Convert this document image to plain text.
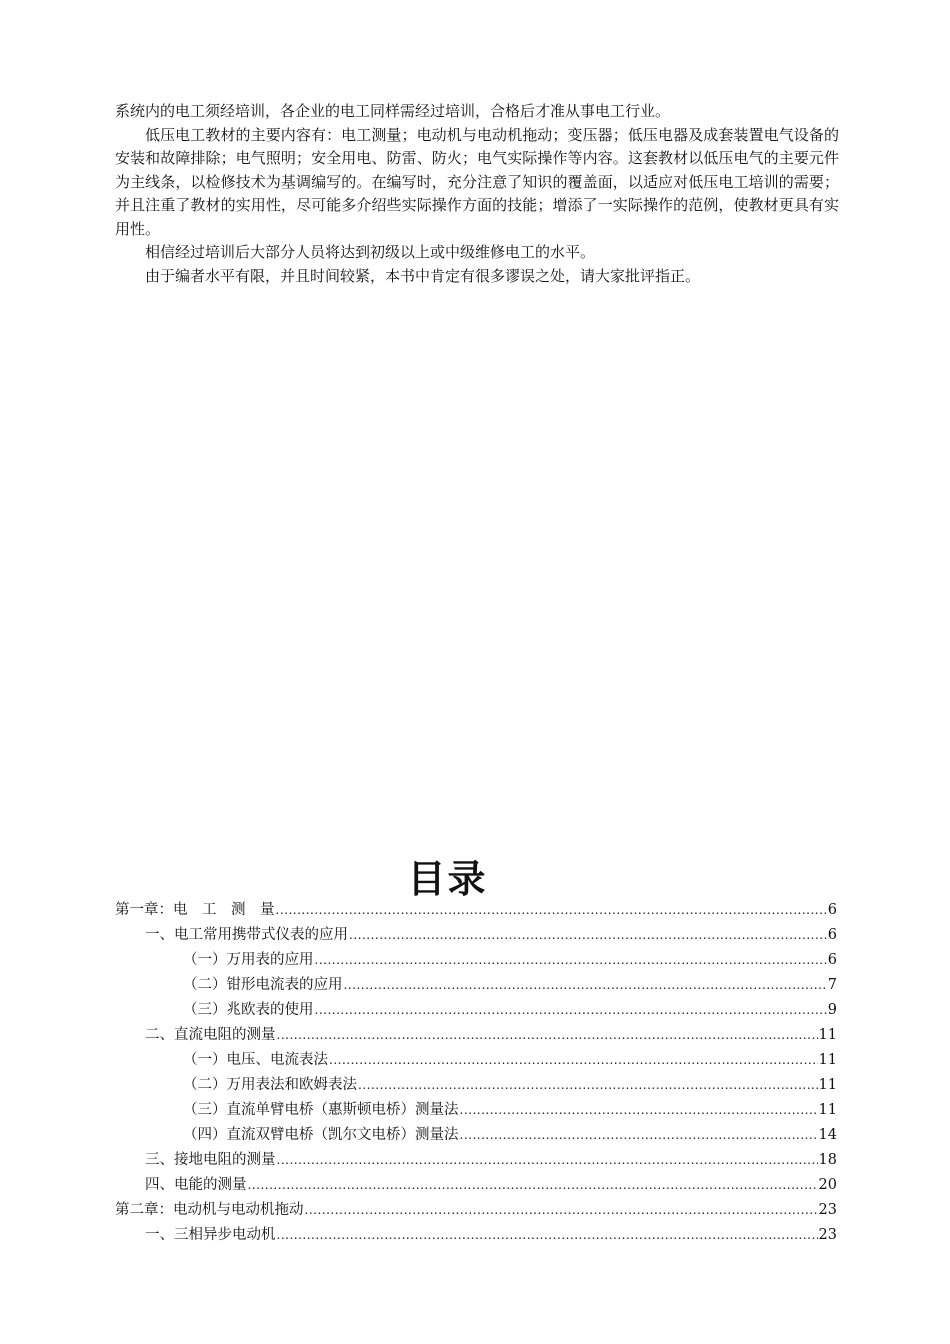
系统内的电工须经培训，各企业的电工同样需经过培训，合格后才准从事电工行业。

低压电工教材的主要内容有：电工测量；电动机与电动机拖动；变压器；低压电器及成套装置电气设备的安装和故障排除；电气照明；安全用电、防雷、防火；电气实际操作等内容。这套教材以低压电气的主要元件为主线条，以检修技术为基调编写的。在编写时，充分注意了知识的覆盖面，以适应对低压电工培训的需要；并且注重了教材的实用性，尽可能多介绍些实际操作方面的技能；增添了一实际操作的范例，使教材更具有实用性。

相信经过培训后大部分人员将达到初级以上或中级维修电工的水平。

由于编者水平有限，并且时间较紧，本书中肯定有很多谬误之处，请大家批评指正。

目录
第一章：电　工　测　量 .....	6
一、电工常用携带式仪表的应用 .....	6
（一）万用表的应用 .....	6
（二）钳形电流表的应用 .....	7
（三）兆欧表的使用 .....	9
二、直流电阻的测量 .....	11
（一）电压、电流表法 .....	11
（二）万用表法和欧姆表法 .....	11
（三）直流单臂电桥（惠斯顿电桥）测量法 .....	11
（四）直流双臂电桥（凯尔文电桥）测量法 .....	14
三、接地电阻的测量 .....	18
四、电能的测量 .....	20
第二章：电动机与电动机拖动 .....	23
一、三相异步电动机 .....	23
